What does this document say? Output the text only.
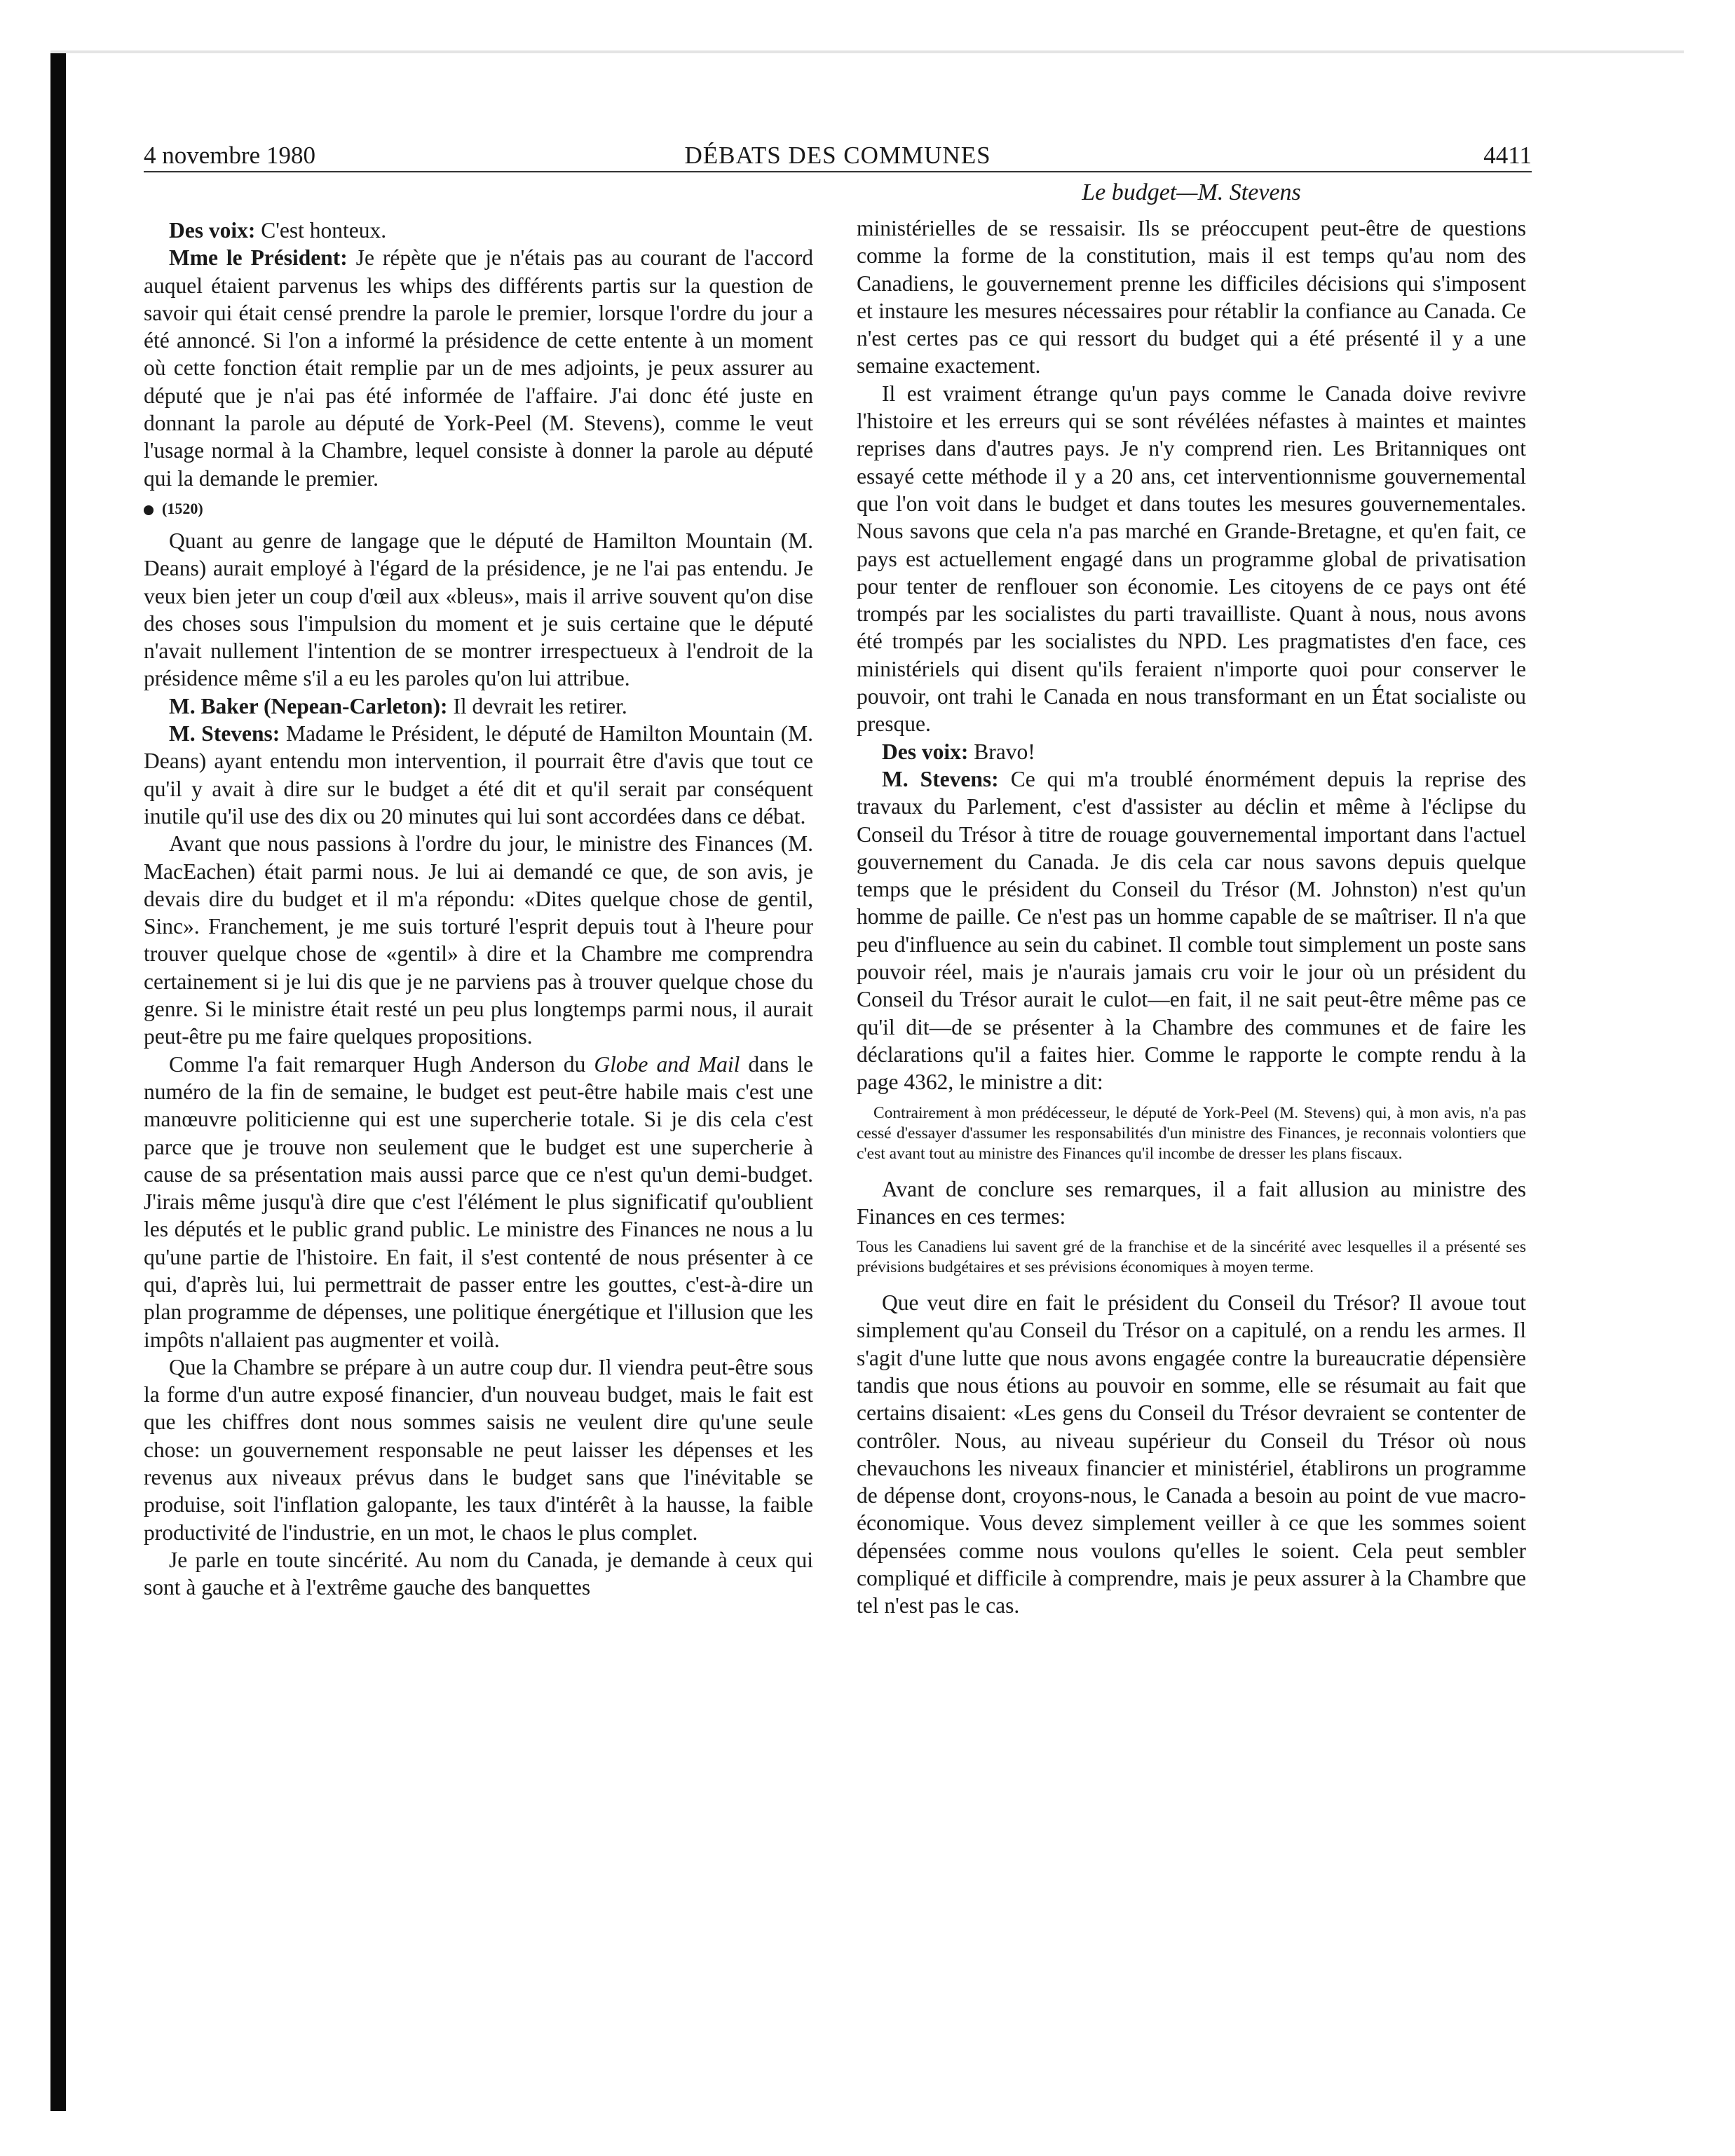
4 novembre 1980	DÉBATS DES COMMUNES	4411

Des voix: C'est honteux.

Mme le Président: Je répète que je n'étais pas au courant de l'accord auquel étaient parvenus les whips des différents partis sur la question de savoir qui était censé prendre la parole le premier, lorsque l'ordre du jour a été annoncé. Si l'on a informé la présidence de cette entente à un moment où cette fonction était remplie par un de mes adjoints, je peux assurer au député que je n'ai pas été informée de l'affaire. J'ai donc été juste en donnant la parole au député de York-Peel (M. Stevens), comme le veut l'usage normal à la Chambre, lequel consiste à donner la parole au député qui la demande le premier.

(1520)

Quant au genre de langage que le député de Hamilton Mountain (M. Deans) aurait employé à l'égard de la présidence, je ne l'ai pas entendu. Je veux bien jeter un coup d'œil aux «bleus», mais il arrive souvent qu'on dise des choses sous l'impulsion du moment et je suis certaine que le député n'avait nullement l'intention de se montrer irrespectueux à l'endroit de la présidence même s'il a eu les paroles qu'on lui attribue.

M. Baker (Nepean-Carleton): Il devrait les retirer.

M. Stevens: Madame le Président, le député de Hamilton Mountain (M. Deans) ayant entendu mon intervention, il pourrait être d'avis que tout ce qu'il y avait à dire sur le budget a été dit et qu'il serait par conséquent inutile qu'il use des dix ou 20 minutes qui lui sont accordées dans ce débat.

Avant que nous passions à l'ordre du jour, le ministre des Finances (M. MacEachen) était parmi nous. Je lui ai demandé ce que, de son avis, je devais dire du budget et il m'a répondu: «Dites quelque chose de gentil, Sinc». Franchement, je me suis torturé l'esprit depuis tout à l'heure pour trouver quelque chose de «gentil» à dire et la Chambre me comprendra certainement si je lui dis que je ne parviens pas à trouver quelque chose du genre. Si le ministre était resté un peu plus longtemps parmi nous, il aurait peut-être pu me faire quelques propositions.

Comme l'a fait remarquer Hugh Anderson du Globe and Mail dans le numéro de la fin de semaine, le budget est peut-être habile mais c'est une manœuvre politicienne qui est une supercherie totale. Si je dis cela c'est parce que je trouve non seulement que le budget est une supercherie à cause de sa présentation mais aussi parce que ce n'est qu'un demi-budget. J'irais même jusqu'à dire que c'est l'élément le plus significatif qu'oublient les députés et le public grand public. Le ministre des Finances ne nous a lu qu'une partie de l'histoire. En fait, il s'est contenté de nous présenter à ce qui, d'après lui, lui permettrait de passer entre les gouttes, c'est-à-dire un plan programme de dépenses, une politique énergétique et l'illusion que les impôts n'allaient pas augmenter et voilà.

Que la Chambre se prépare à un autre coup dur. Il viendra peut-être sous la forme d'un autre exposé financier, d'un nouveau budget, mais le fait est que les chiffres dont nous sommes saisis ne veulent dire qu'une seule chose: un gouvernement responsable ne peut laisser les dépenses et les revenus aux niveaux prévus dans le budget sans que l'inévitable se produise, soit l'inflation galopante, les taux d'intérêt à la hausse, la faible productivité de l'industrie, en un mot, le chaos le plus complet.

Je parle en toute sincérité. Au nom du Canada, je demande à ceux qui sont à gauche et à l'extrême gauche des banquettes

Le budget—M. Stevens

ministérielles de se ressaisir. Ils se préoccupent peut-être de questions comme la forme de la constitution, mais il est temps qu'au nom des Canadiens, le gouvernement prenne les difficiles décisions qui s'imposent et instaure les mesures nécessaires pour rétablir la confiance au Canada. Ce n'est certes pas ce qui ressort du budget qui a été présenté il y a une semaine exactement.

Il est vraiment étrange qu'un pays comme le Canada doive revivre l'histoire et les erreurs qui se sont révélées néfastes à maintes et maintes reprises dans d'autres pays. Je n'y comprend rien. Les Britanniques ont essayé cette méthode il y a 20 ans, cet interventionnisme gouvernemental que l'on voit dans le budget et dans toutes les mesures gouvernementales. Nous savons que cela n'a pas marché en Grande-Bretagne, et qu'en fait, ce pays est actuellement engagé dans un programme global de privatisation pour tenter de renflouer son économie. Les citoyens de ce pays ont été trompés par les socialistes du parti travailliste. Quant à nous, nous avons été trompés par les socialistes du NPD. Les pragmatistes d'en face, ces ministériels qui disent qu'ils feraient n'importe quoi pour conserver le pouvoir, ont trahi le Canada en nous transformant en un État socialiste ou presque.

Des voix: Bravo!

M. Stevens: Ce qui m'a troublé énormément depuis la reprise des travaux du Parlement, c'est d'assister au déclin et même à l'éclipse du Conseil du Trésor à titre de rouage gouvernemental important dans l'actuel gouvernement du Canada. Je dis cela car nous savons depuis quelque temps que le président du Conseil du Trésor (M. Johnston) n'est qu'un homme de paille. Ce n'est pas un homme capable de se maîtriser. Il n'a que peu d'influence au sein du cabinet. Il comble tout simplement un poste sans pouvoir réel, mais je n'aurais jamais cru voir le jour où un président du Conseil du Trésor aurait le culot—en fait, il ne sait peut-être même pas ce qu'il dit—de se présenter à la Chambre des communes et de faire les déclarations qu'il a faites hier. Comme le rapporte le compte rendu à la page 4362, le ministre a dit:

Contrairement à mon prédécesseur, le député de York-Peel (M. Stevens) qui, à mon avis, n'a pas cessé d'essayer d'assumer les responsabilités d'un ministre des Finances, je reconnais volontiers que c'est avant tout au ministre des Finances qu'il incombe de dresser les plans fiscaux.

Avant de conclure ses remarques, il a fait allusion au ministre des Finances en ces termes:

Tous les Canadiens lui savent gré de la franchise et de la sincérité avec lesquelles il a présenté ses prévisions budgétaires et ses prévisions économiques à moyen terme.

Que veut dire en fait le président du Conseil du Trésor? Il avoue tout simplement qu'au Conseil du Trésor on a capitulé, on a rendu les armes. Il s'agit d'une lutte que nous avons engagée contre la bureaucratie dépensière tandis que nous étions au pouvoir en somme, elle se résumait au fait que certains disaient: «Les gens du Conseil du Trésor devraient se contenter de contrôler. Nous, au niveau supérieur du Conseil du Trésor où nous chevauchons les niveaux financier et ministériel, établirons un programme de dépense dont, croyons-nous, le Canada a besoin au point de vue macro-économique. Vous devez simplement veiller à ce que les sommes soient dépensées comme nous voulons qu'elles le soient. Cela peut sembler compliqué et difficile à comprendre, mais je peux assurer à la Chambre que tel n'est pas le cas.
